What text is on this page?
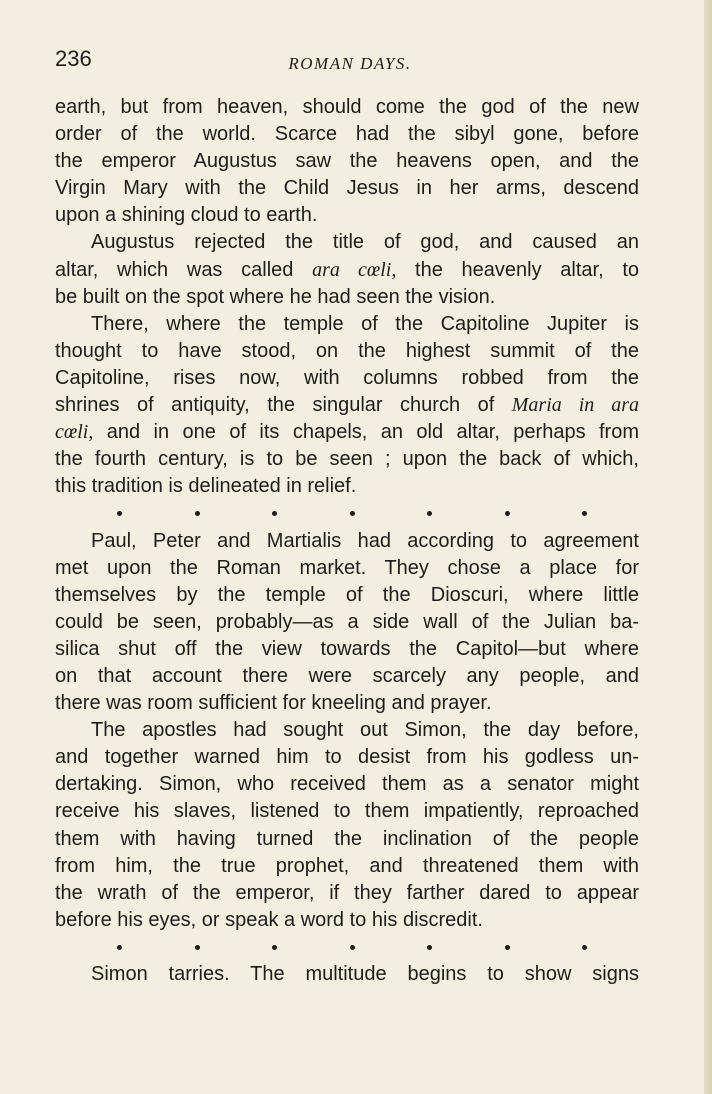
236	ROMAN DAYS.
earth, but from heaven, should come the god of the new
order of the world. Scarce had the sibyl gone, before
the emperor Augustus saw the heavens open, and the
Virgin Mary with the Child Jesus in her arms, descend
upon a shining cloud to earth.
Augustus rejected the title of god, and caused an
altar, which was called ara cœli, the heavenly altar, to
be built on the spot where he had seen the vision.
There, where the temple of the Capitoline Jupiter is
thought to have stood, on the highest summit of the
Capitoline, rises now, with columns robbed from the
shrines of antiquity, the singular church of Maria in ara
cœli, and in one of its chapels, an old altar, perhaps from
the fourth century, is to be seen ; upon the back of which,
this tradition is delineated in relief.
Paul, Peter and Martialis had according to agreement
met upon the Roman market. They chose a place for
themselves by the temple of the Dioscuri, where little
could be seen, probably—as a side wall of the Julian ba-
silica shut off the view towards the Capitol—but where
on that account there were scarcely any people, and
there was room sufficient for kneeling and prayer.
The apostles had sought out Simon, the day before,
and together warned him to desist from his godless un-
dertaking. Simon, who received them as a senator might
receive his slaves, listened to them impatiently, reproached
them with having turned the inclination of the people
from him, the true prophet, and threatened them with
the wrath of the emperor, if they farther dared to appear
before his eyes, or speak a word to his discredit.
Simon tarries. The multitude begins to show signs
